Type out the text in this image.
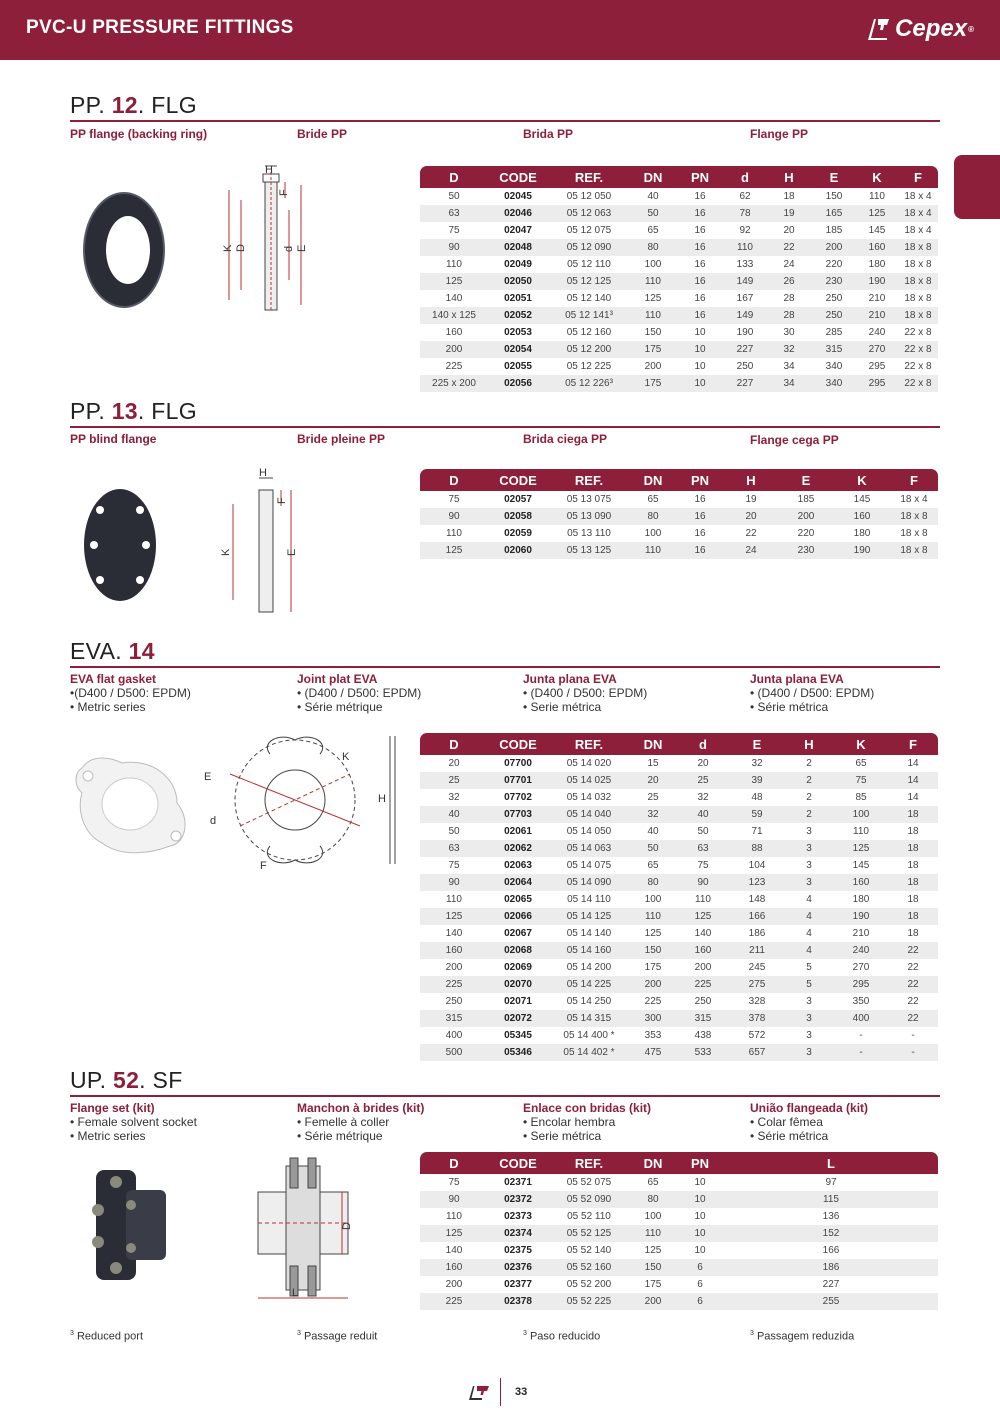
PVC-U PRESSURE FITTINGS	Cepex ®
PP. 12. FLG
PP flange (backing ring)	Bride PP	Brida PP	Flange PP
H
F
K D	d E
D	CODE	REF.	DN	PN	d	H	E	K	F
50	02045	05 12 050	40	16	62	18	150	110	18 x 4
63	02046	05 12 063	50	16	78	19	165	125	18 x 4
75	02047	05 12 075	65	16	92	20	185	145	18 x 4
90	02048	05 12 090	80	16	110	22	200	160	18 x 8
110	02049	05 12 110	100	16	133	24	220	180	18 x 8
125	02050	05 12 125	110	16	149	26	230	190	18 x 8
140	02051	05 12 140	125	16	167	28	250	210	18 x 8
140 x 125	02052	05 12 141³	110	16	149	28	250	210	18 x 8
160	02053	05 12 160	150	10	190	30	285	240	22 x 8
200	02054	05 12 200	175	10	227	32	315	270	22 x 8
225	02055	05 12 225	200	10	250	34	340	295	22 x 8
225 x 200	02056	05 12 226³	175	10	227	34	340	295	22 x 8
PP. 13. FLG
PP blind flange	Bride pleine PP	Brida ciega PP	Flange cega PP
H
F
K	E
D	CODE	REF.	DN	PN	H	E	K	F
75	02057	05 13 075	65	16	19	185	145	18 x 4
90	02058	05 13 090	80	16	20	200	160	18 x 8
110	02059	05 13 110	100	16	22	220	180	18 x 8
125	02060	05 13 125	110	16	24	230	190	18 x 8
EVA. 14
EVA flat gasket
•(D400 / D500: EPDM)
• Metric series
Joint plat EVA
• (D400 / D500: EPDM)
• Série métrique
Junta plana EVA
• (D400 / D500: EPDM)
• Serie métrica
Junta plana EVA
• (D400 / D500: EPDM)
• Série métrica
K
E
d
F
H
D	CODE	REF.	DN	d	E	H	K	F
20	07700	05 14 020	15	20	32	2	65	14
25	07701	05 14 025	20	25	39	2	75	14
32	07702	05 14 032	25	32	48	2	85	14
40	07703	05 14 040	32	40	59	2	100	18
50	02061	05 14 050	40	50	71	3	110	18
63	02062	05 14 063	50	63	88	3	125	18
75	02063	05 14 075	65	75	104	3	145	18
90	02064	05 14 090	80	90	123	3	160	18
110	02065	05 14 110	100	110	148	4	180	18
125	02066	05 14 125	110	125	166	4	190	18
140	02067	05 14 140	125	140	186	4	210	18
160	02068	05 14 160	150	160	211	4	240	22
200	02069	05 14 200	175	200	245	5	270	22
225	02070	05 14 225	200	225	275	5	295	22
250	02071	05 14 250	225	250	328	3	350	22
315	02072	05 14 315	300	315	378	3	400	22
400	05345	05 14 400 *	353	438	572	3	-	-
500	05346	05 14 402 *	475	533	657	3	-	-
UP. 52. SF
Flange set (kit)
• Female solvent socket
• Metric series
Manchon à brides (kit)
• Femelle à coller
• Série métrique
Enlace con bridas (kit)
• Encolar hembra
• Serie métrica
União flangeada (kit)
• Colar fêmea
• Série métrica
D
L
D	CODE	REF.	DN	PN	L
75	02371	05 52 075	65	10	97
90	02372	05 52 090	80	10	115
110	02373	05 52 110	100	10	136
125	02374	05 52 125	110	10	152
140	02375	05 52 140	125	10	166
160	02376	05 52 160	150	6	186
200	02377	05 52 200	175	6	227
225	02378	05 52 225	200	6	255
$^3$ Reduced port	$^3$ Passage reduit	$^3$ Paso reducido	$^3$ Passagem reduzida
33
